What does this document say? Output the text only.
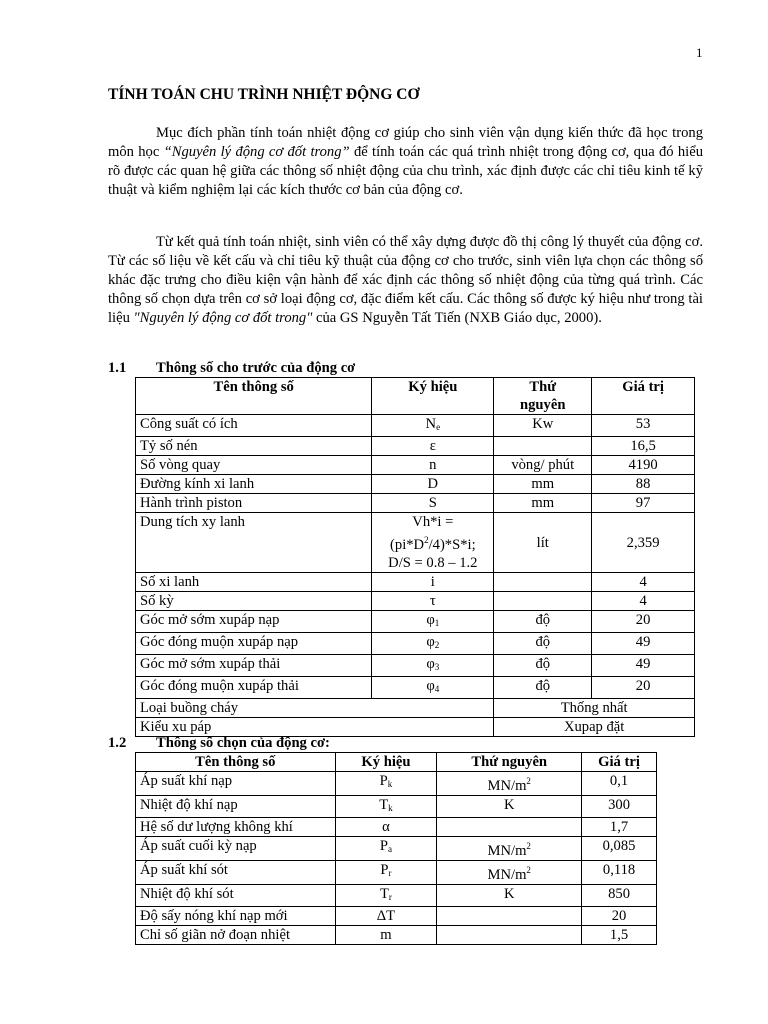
1
TÍNH TOÁN CHU TRÌNH NHIỆT ĐỘNG CƠ

Mục đích phần tính toán nhiệt động cơ giúp cho sinh viên vận dụng kiến thức đã học trong môn học “Nguyên lý động cơ đốt trong” để tính toán các quá trình nhiệt trong động cơ, qua đó hiểu rõ được các quan hệ giữa các thông số nhiệt động của chu trình, xác định được các chỉ tiêu kinh tế kỹ thuật và kiểm nghiệm lại các kích thước cơ bản của động cơ.

Từ kết quả tính toán nhiệt, sinh viên có thể xây dựng được đồ thị công lý thuyết của động cơ. Từ các số liệu về kết cấu và chỉ tiêu kỹ thuật của động cơ cho trước, sinh viên lựa chọn các thông số khác đặc trưng cho điều kiện vận hành để xác định các thông số nhiệt động của từng quá trình. Các thông số chọn dựa trên cơ sở loại động cơ, đặc điểm kết cấu. Các thông số được ký hiệu như trong tài liệu "Nguyên lý động cơ đốt trong" của GS Nguyễn Tất Tiến (NXB Giáo dục, 2000).

1.1 Thông số cho trước của động cơ
Tên thông số	Ký hiệu	Thứ nguyên	Giá trị
Công suất có ích	$N_e$	Kw	53
Tỷ số nén	ε		16,5
Số vòng quay	n	vòng/ phút	4190
Đường kính xi lanh	D	mm	88
Hành trình piston	S	mm	97
Dung tích xy lanh	Vh*i =
$(pi*D^2/4)*S*i$;
D/S = 0.8 – 1.2	lít	2,359
Số xi lanh	i		4
Số kỳ	τ		4
Góc mở sớm xupáp nạp	$\varphi_1$	độ	20
Góc đóng muộn xupáp nạp	$\varphi_2$	độ	49
Góc mở sớm xupáp thải	$\varphi_3$	độ	49
Góc đóng muộn xupáp thải	$\varphi_4$	độ	20
Loại buồng cháy		Thống nhất	
Kiểu xu páp		Xupap đặt	
1.2 Thông số chọn của động cơ:
Tên thông số	Ký hiệu	Thứ nguyên	Giá trị
Áp suất khí nạp	$P_k$	$MN/m^2$	0,1
Nhiệt độ khí nạp	$T_k$	K	300
Hệ số dư lượng không khí	α		1,7
Áp suất cuối kỳ nạp	$P_a$	$MN/m^2$	0,085
Áp suất khí sót	$P_r$	$MN/m^2$	0,118
Nhiệt độ khí sót	$T_r$	K	850
Độ sấy nóng khí nạp mới	ΔT		20
Chỉ số giãn nở đoạn nhiệt	m		1,5
